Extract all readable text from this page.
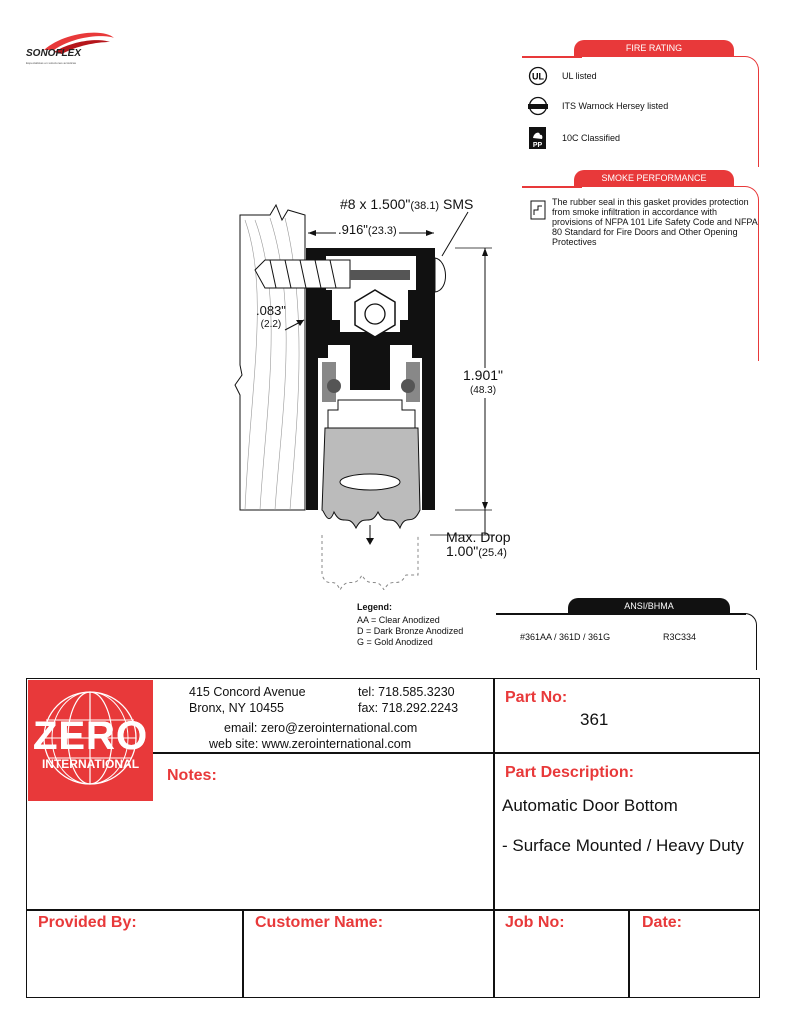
SONOFLEX
Especialistas en soluciones acústicas
FIRE RATING
UL UL listed
ITS Warnock Hersey listed
PP
10C Classified
SMOKE PERFORMANCE
The rubber seal in this gasket provides protection from smoke infiltration in accordance with provisions of NFPA 101 Life Safety Code and NFPA 80 Standard for Fire Doors and Other Opening Protectives
#8 x 1.500"(38.1) SMS
.916"(23.3)
.083"
(2.2)
1.901"
(48.3)
Max. Drop
1.00"(25.4)
Legend:
AA = Clear Anodized
D = Dark Bronze Anodized
G = Gold Anodized
ANSI/BHMA
#361AA / 361D / 361G	R3C334
ZERO
INTERNATIONAL
415 Concord Avenue
Bronx, NY 10455
tel: 718.585.3230
fax: 718.292.2243
email: zero@zerointernational.com
web site: www.zerointernational.com
Part No:
361
Notes:	Part Description:
Automatic Door Bottom
- Surface Mounted / Heavy Duty
Provided By:	Customer Name:	Job No:	Date:
